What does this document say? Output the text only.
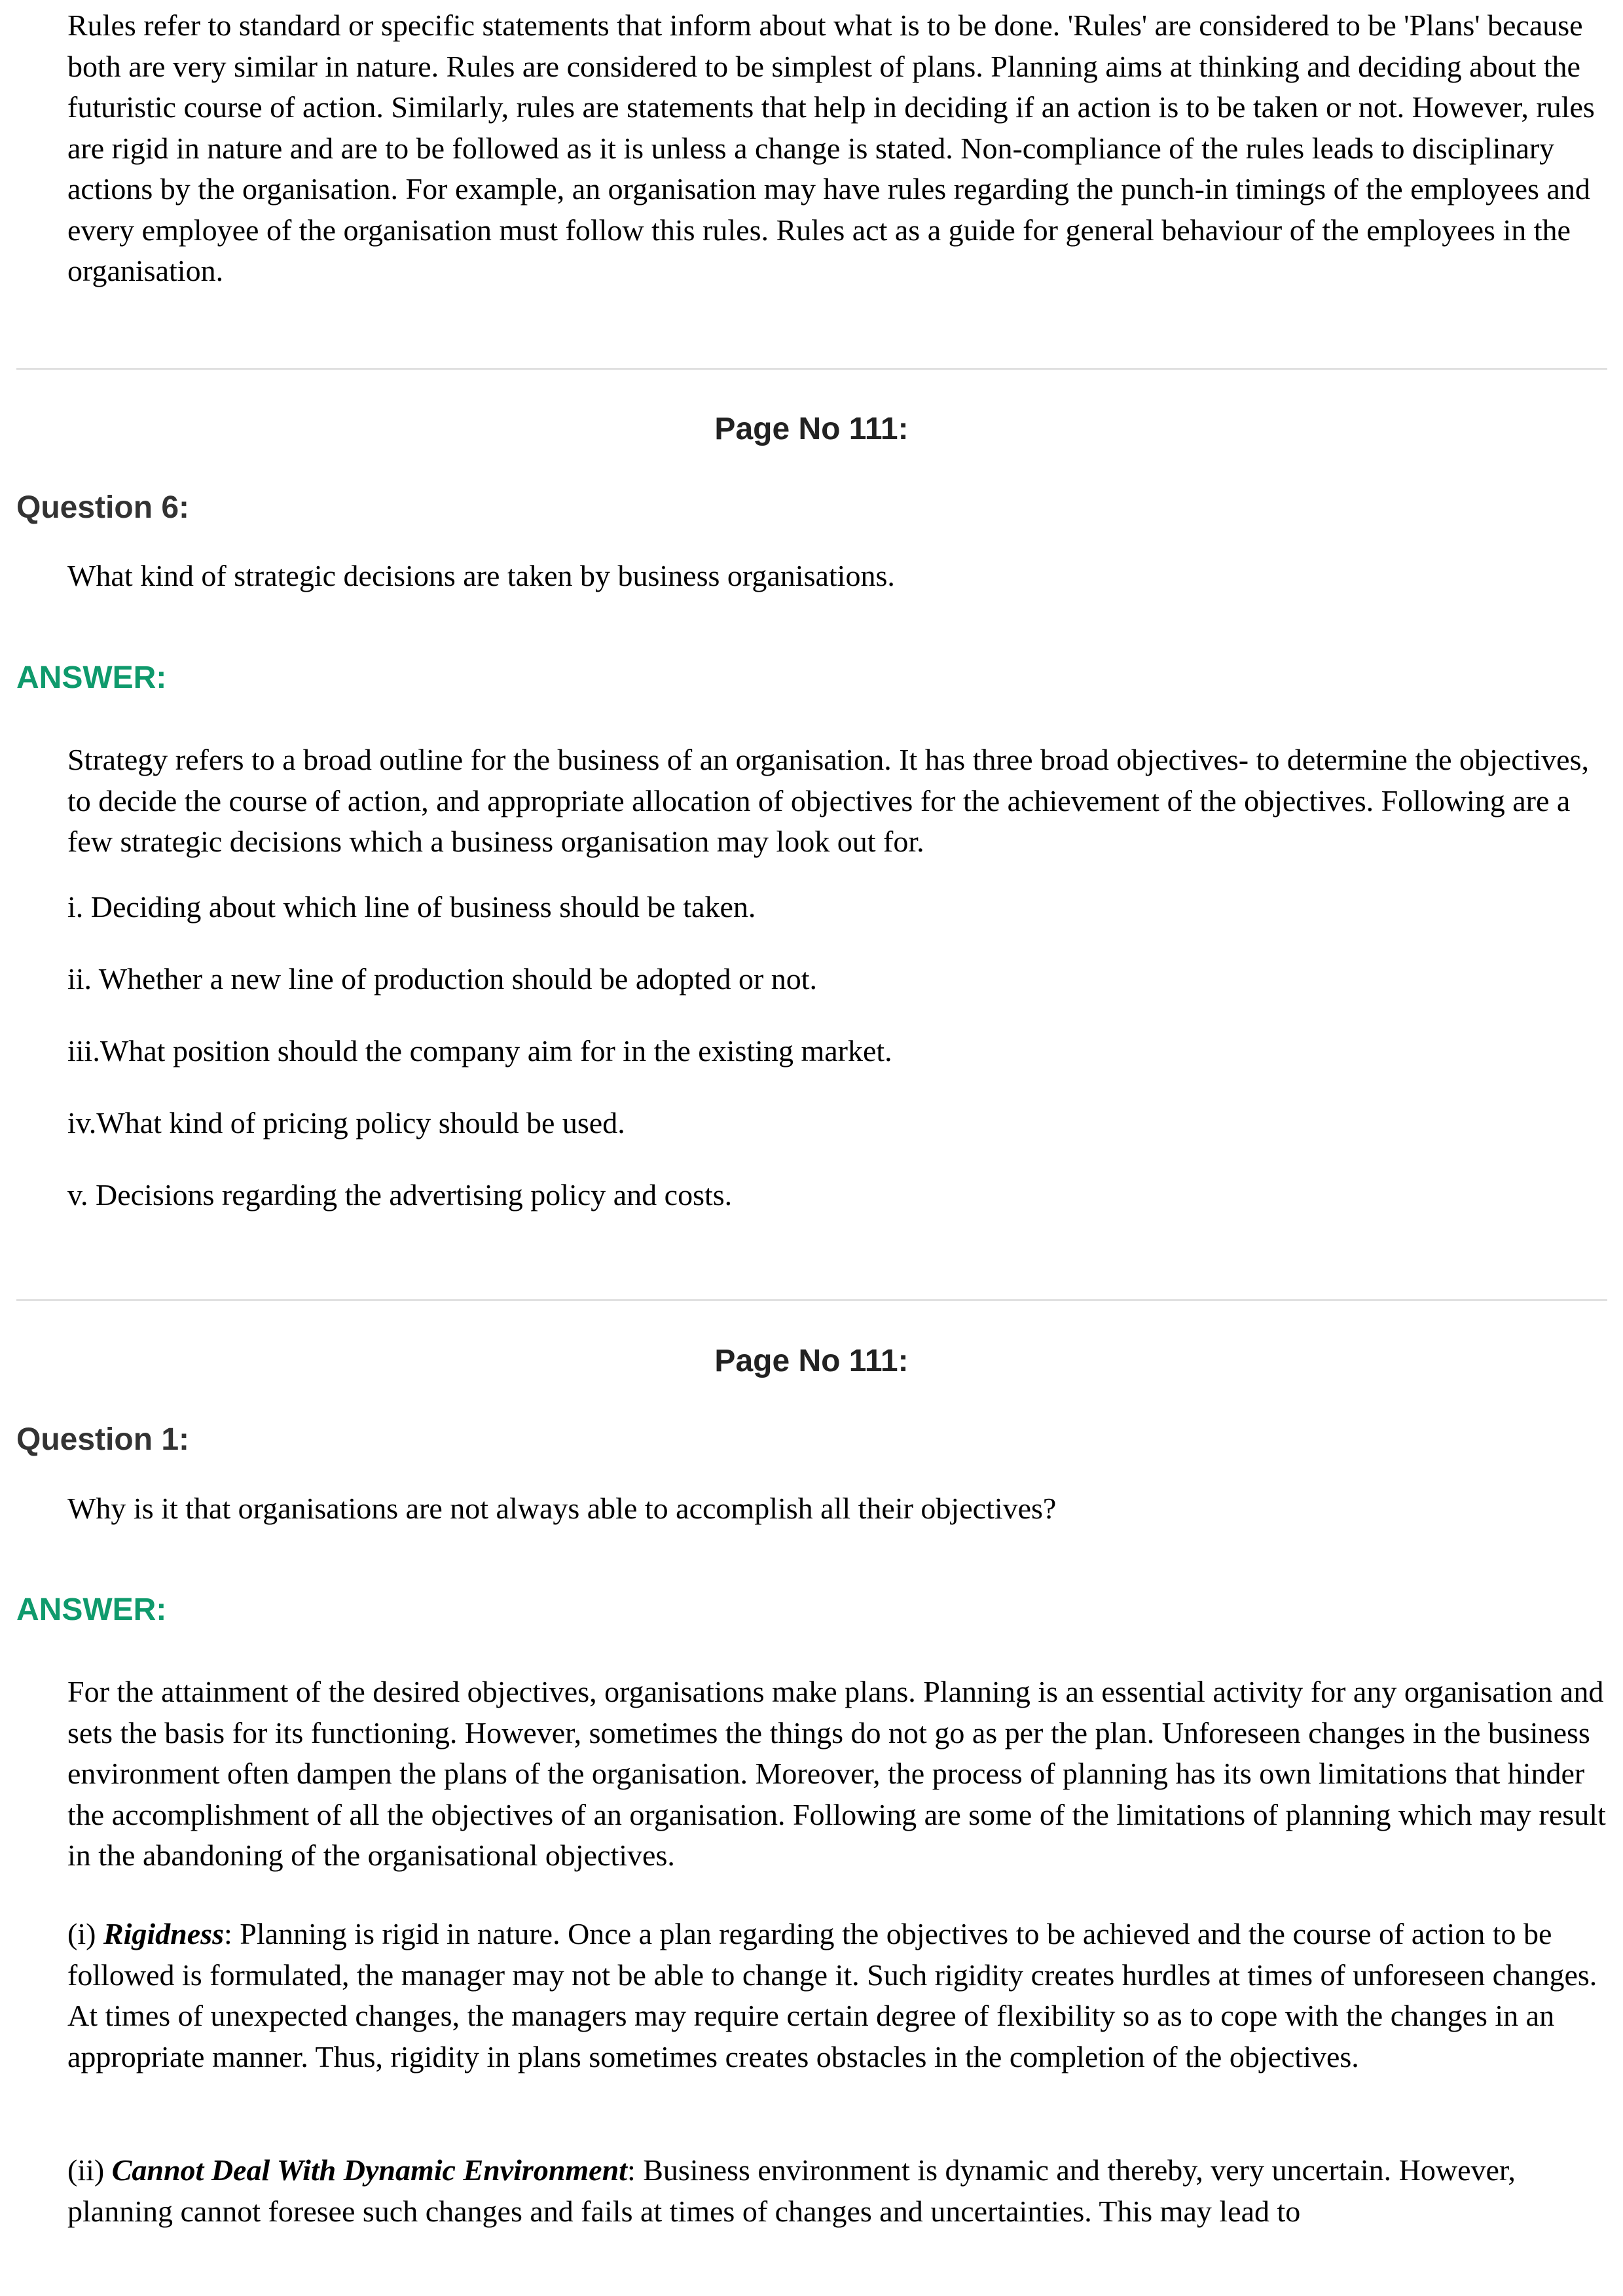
Rules refer to standard or specific statements that inform about what is to be done. 'Rules' are considered to be 'Plans' because both are very similar in nature. Rules are considered to be simplest of plans. Planning aims at thinking and deciding about the futuristic course of action. Similarly, rules are statements that help in deciding if an action is to be taken or not. However, rules are rigid in nature and are to be followed as it is unless a change is stated. Non-compliance of the rules leads to disciplinary actions by the organisation. For example, an organisation may have rules regarding the punch-in timings of the employees and every employee of the organisation must follow this rules. Rules act as a guide for general behaviour of the employees in the organisation.

Page No 111:
Question 6:

What kind of strategic decisions are taken by business organisations.

ANSWER:

Strategy refers to a broad outline for the business of an organisation. It has three broad objectives- to determine the objectives, to decide the course of action, and appropriate allocation of objectives for the achievement of the objectives. Following are a few strategic decisions which a business organisation may look out for.

i. Deciding about which line of business should be taken.

ii. Whether a new line of production should be adopted or not.

iii.What position should the company aim for in the existing market.

iv.What kind of pricing policy should be used.

v. Decisions regarding the advertising policy and costs.

Page No 111:
Question 1:

Why is it that organisations are not always able to accomplish all their objectives?

ANSWER:

For the attainment of the desired objectives, organisations make plans. Planning is an essential activity for any organisation and sets the basis for its functioning. However, sometimes the things do not go as per the plan. Unforeseen changes in the business environment often dampen the plans of the organisation. Moreover, the process of planning has its own limitations that hinder the accomplishment of all the objectives of an organisation. Following are some of the limitations of planning which may result in the abandoning of the organisational objectives.

(i) Rigidness: Planning is rigid in nature. Once a plan regarding the objectives to be achieved and the course of action to be followed is formulated, the manager may not be able to change it. Such rigidity creates hurdles at times of unforeseen changes. At times of unexpected changes, the managers may require certain degree of flexibility so as to cope with the changes in an appropriate manner. Thus, rigidity in plans sometimes creates obstacles in the completion of the objectives.

(ii) Cannot Deal With Dynamic Environment: Business environment is dynamic and thereby, very uncertain. However, planning cannot foresee such changes and fails at times of changes and uncertainties. This may lead to
